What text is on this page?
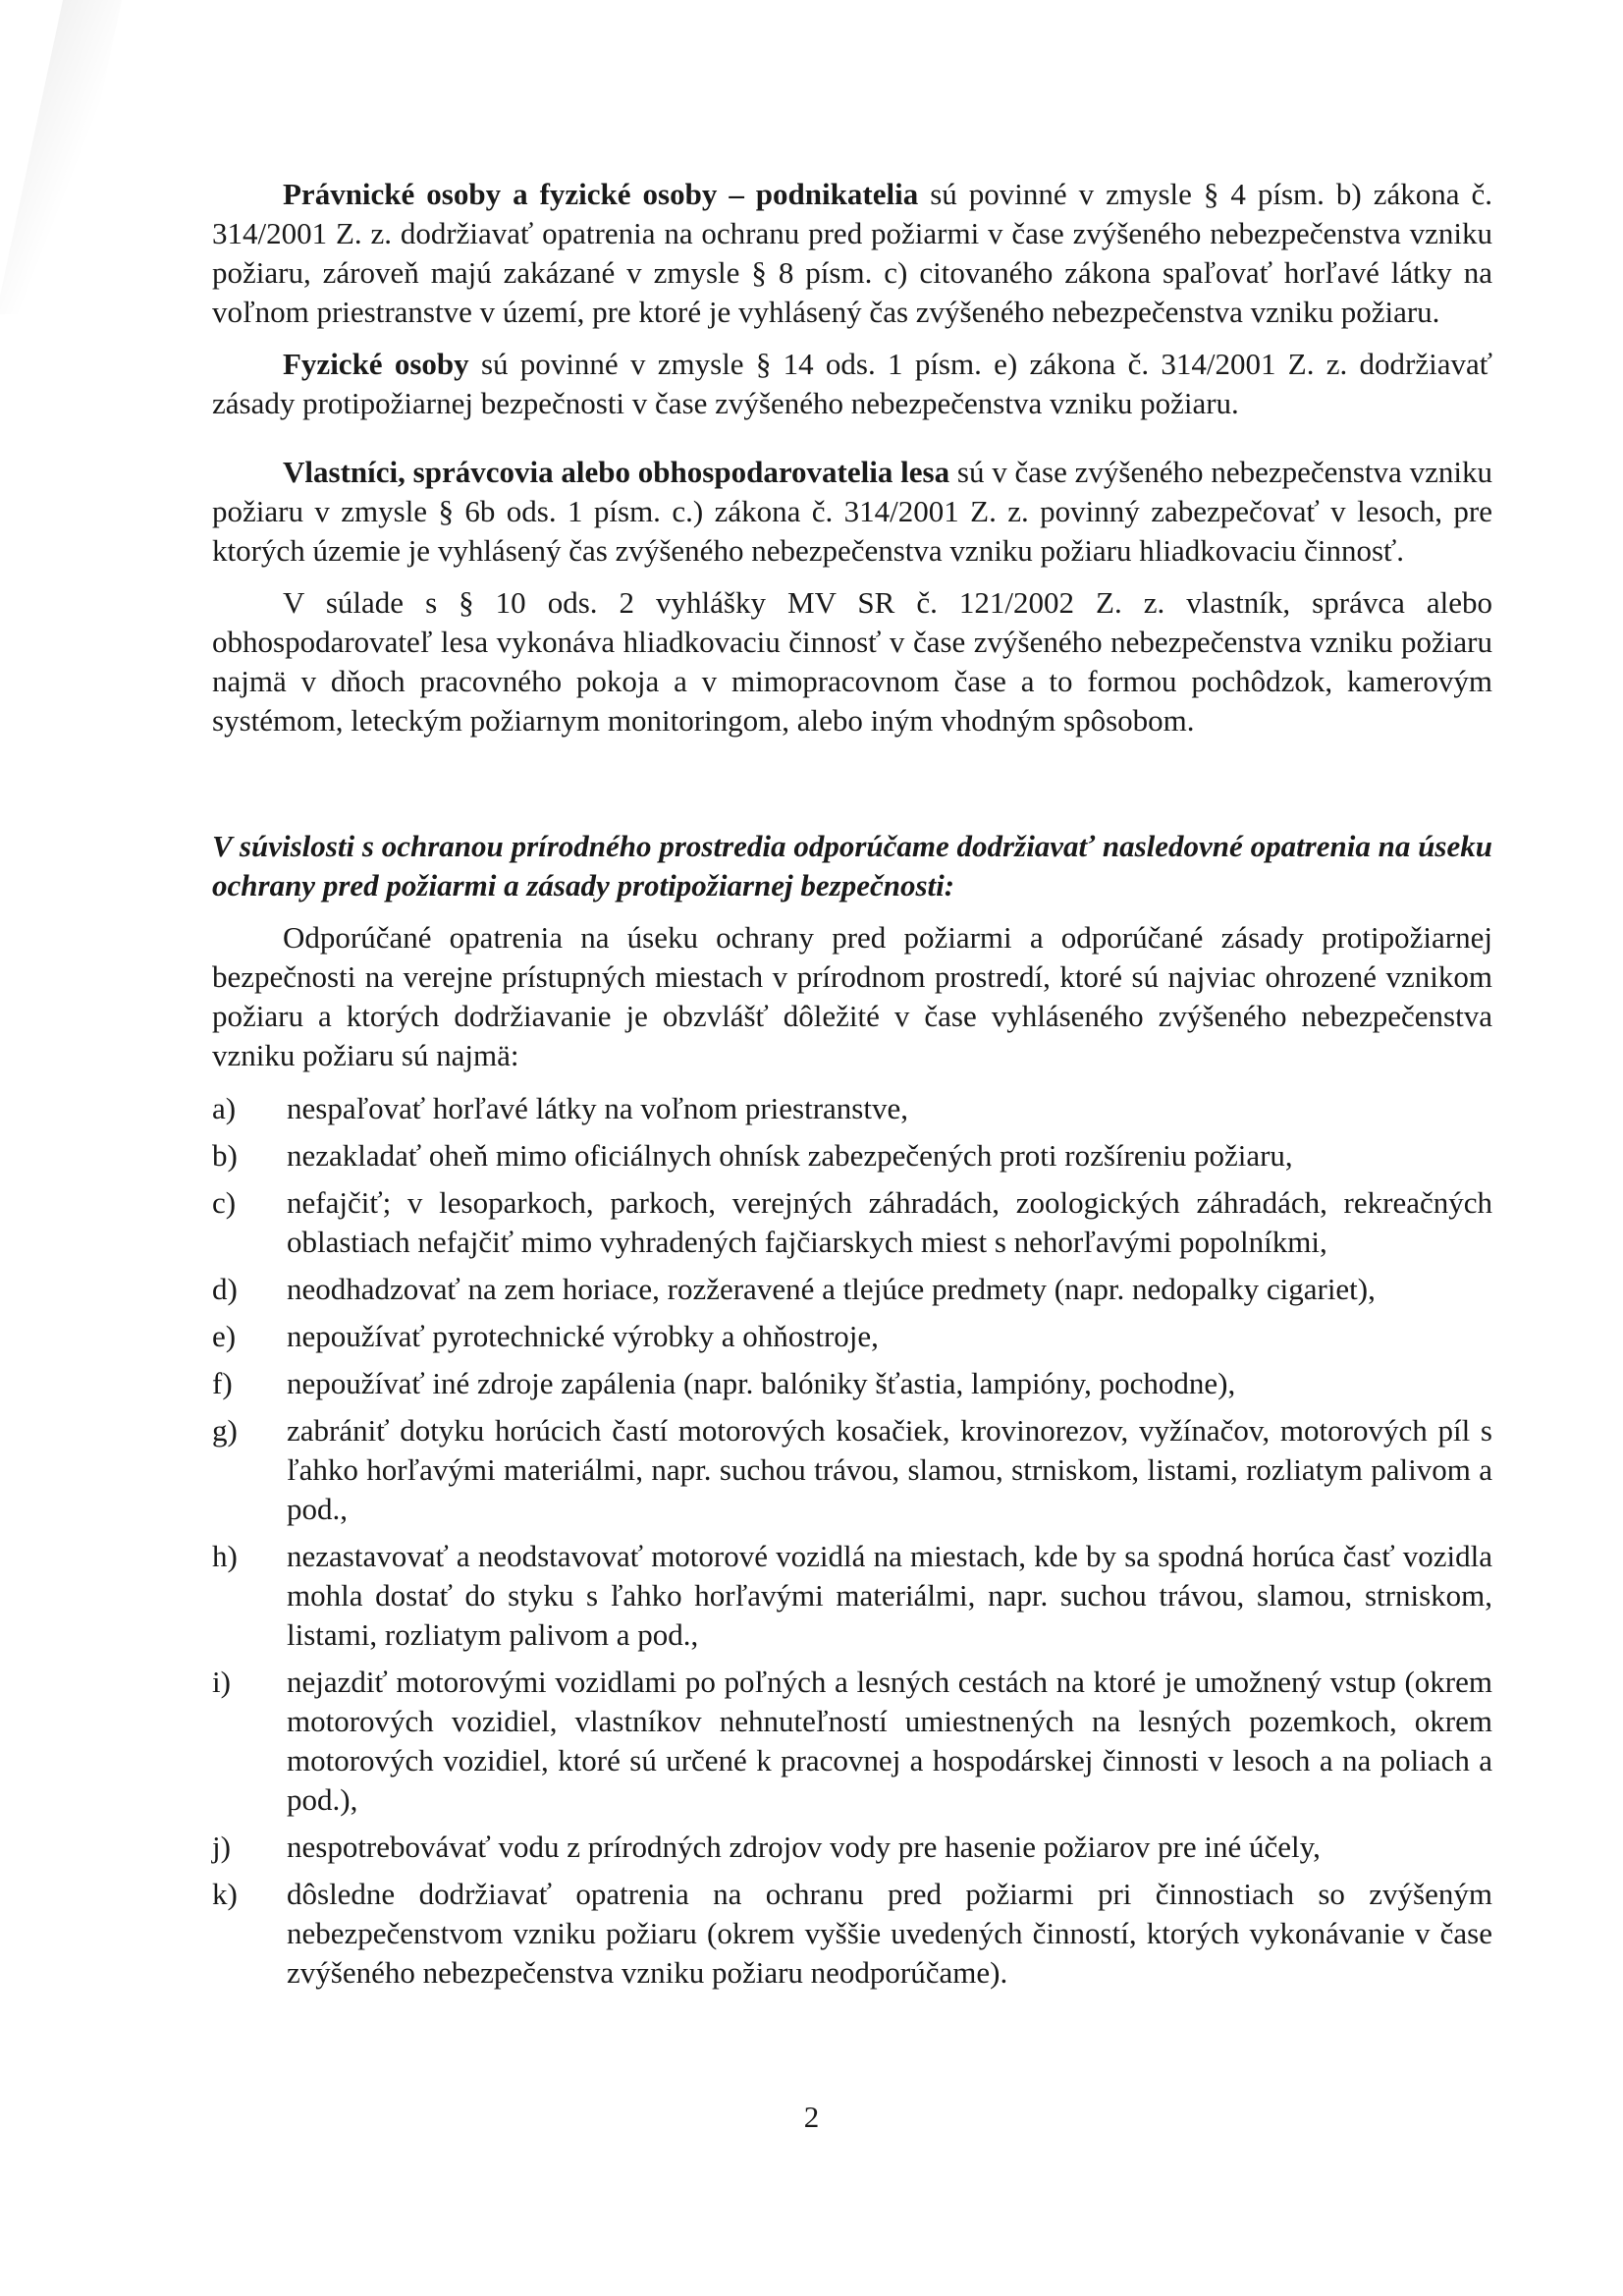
Právnické osoby a fyzické osoby – podnikatelia sú povinné v zmysle § 4 písm. b) zákona č. 314/2001 Z. z. dodržiavať opatrenia na ochranu pred požiarmi v čase zvýšeného nebezpečenstva vzniku požiaru, zároveň majú zakázané v zmysle § 8 písm. c) citovaného zákona spaľovať horľavé látky na voľnom priestranstve v území, pre ktoré je vyhlásený čas zvýšeného nebezpečenstva vzniku požiaru.

Fyzické osoby sú povinné v zmysle § 14 ods. 1 písm. e) zákona č. 314/2001 Z. z. dodržiavať zásady protipožiarnej bezpečnosti v čase zvýšeného nebezpečenstva vzniku požiaru.

Vlastníci, správcovia alebo obhospodarovatelia lesa sú v čase zvýšeného nebezpečenstva vzniku požiaru v zmysle § 6b ods. 1 písm. c.) zákona č. 314/2001 Z. z. povinný zabezpečovať v lesoch, pre ktorých územie je vyhlásený čas zvýšeného nebezpečenstva vzniku požiaru hliadkovaciu činnosť.

V súlade s § 10 ods. 2 vyhlášky MV SR č. 121/2002 Z. z. vlastník, správca alebo obhospodarovateľ lesa vykonáva hliadkovaciu činnosť v čase zvýšeného nebezpečenstva vzniku požiaru najmä v dňoch pracovného pokoja a v mimopracovnom čase a to formou pochôdzok, kamerovým systémom, leteckým požiarnym monitoringom, alebo iným vhodným spôsobom.

V súvislosti s ochranou prírodného prostredia odporúčame dodržiavať nasledovné opatrenia na úseku ochrany pred požiarmi a zásady protipožiarnej bezpečnosti:

Odporúčané opatrenia na úseku ochrany pred požiarmi a odporúčané zásady protipožiarnej bezpečnosti na verejne prístupných miestach v prírodnom prostredí, ktoré sú najviac ohrozené vznikom požiaru a ktorých dodržiavanie je obzvlášť dôležité v čase vyhláseného zvýšeného nebezpečenstva vzniku požiaru sú najmä:

a)	nespaľovať horľavé látky na voľnom priestranstve,
b)	nezakladať oheň mimo oficiálnych ohnísk zabezpečených proti rozšíreniu požiaru,
c)	nefajčiť; v lesoparkoch, parkoch, verejných záhradách, zoologických záhradách, rekreačných oblastiach nefajčiť mimo vyhradených fajčiarskych miest s nehorľavými popolníkmi,
d)	neodhadzovať na zem horiace, rozžeravené a tlejúce predmety (napr. nedopalky cigariet),
e)	nepoužívať pyrotechnické výrobky a ohňostroje,
f)	nepoužívať iné zdroje zapálenia (napr. balóniky šťastia, lampióny, pochodne),
g)	zabrániť dotyku horúcich častí motorových kosačiek, krovinorezov, vyžínačov, motorových píl s ľahko horľavými materiálmi, napr. suchou trávou, slamou, strniskom, listami, rozliatym palivom a pod.,
h)	nezastavovať a neodstavovať motorové vozidlá na miestach, kde by sa spodná horúca časť vozidla mohla dostať do styku s ľahko horľavými materiálmi, napr. suchou trávou, slamou, strniskom, listami, rozliatym palivom a pod.,
i)	nejazdiť motorovými vozidlami po poľných a lesných cestách na ktoré je umožnený vstup (okrem motorových vozidiel, vlastníkov nehnuteľností umiestnených na lesných pozemkoch, okrem motorových vozidiel, ktoré sú určené k pracovnej a hospodárskej činnosti v lesoch a na poliach a pod.),
j)	nespotrebovávať vodu z prírodných zdrojov vody pre hasenie požiarov pre iné účely,
k)	dôsledne dodržiavať opatrenia na ochranu pred požiarmi pri činnostiach so zvýšeným nebezpečenstvom vzniku požiaru (okrem vyššie uvedených činností, ktorých vykonávanie v čase zvýšeného nebezpečenstva vzniku požiaru neodporúčame).
2
